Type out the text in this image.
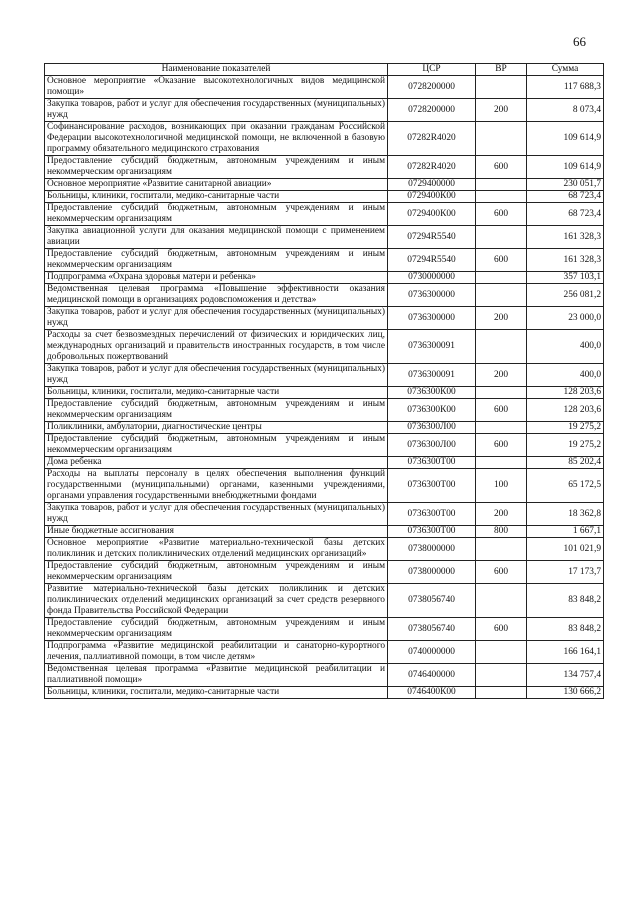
66
Наименование показателей	ЦСР	ВР	Сумма
Основное мероприятие «Оказание высокотехнологичных видов медицинской помощи»	0728200000		117 688,3
Закупка товаров, работ и услуг для обеспечения государственных (муниципальных) нужд	0728200000	200	8 073,4
Софинансирование расходов, возникающих при оказании гражданам Российской Федерации высокотехнологичной медицинской помощи, не включенной в базовую программу обязательного медицинского страхования	07282R4020		109 614,9
Предоставление субсидий бюджетным, автономным учреждениям и иным некоммерческим организациям	07282R4020	600	109 614,9
Основное мероприятие «Развитие санитарной авиации»	0729400000		230 051,7
Больницы, клиники, госпитали, медико-санитарные части	0729400К00		68 723,4
Предоставление субсидий бюджетным, автономным учреждениям и иным некоммерческим организациям	0729400К00	600	68 723,4
Закупка авиационной услуги для оказания медицинской помощи с применением авиации	07294R5540		161 328,3
Предоставление субсидий бюджетным, автономным учреждениям и иным некоммерческим организациям	07294R5540	600	161 328,3
Подпрограмма «Охрана здоровья матери и ребенка»	0730000000		357 103,1
Ведомственная целевая программа «Повышение эффективности оказания медицинской помощи в организациях родовспоможения и детства»	0736300000		256 081,2
Закупка товаров, работ и услуг для обеспечения государственных (муниципальных) нужд	0736300000	200	23 000,0
Расходы за счет безвозмездных перечислений от физических и юридических лиц, международных организаций и правительств иностранных государств, в том числе добровольных пожертвований	0736300091		400,0
Закупка товаров, работ и услуг для обеспечения государственных (муниципальных) нужд	0736300091	200	400,0
Больницы, клиники, госпитали, медико-санитарные части	0736300К00		128 203,6
Предоставление субсидий бюджетным, автономным учреждениям и иным некоммерческим организациям	0736300К00	600	128 203,6
Поликлиники, амбулатории, диагностические центры	0736300Л00		19 275,2
Предоставление субсидий бюджетным, автономным учреждениям и иным некоммерческим организациям	0736300Л00	600	19 275,2
Дома ребенка	0736300Т00		85 202,4
Расходы на выплаты персоналу в целях обеспечения выполнения функций государственными (муниципальными) органами, казенными учреждениями, органами управления государственными внебюджетными фондами	0736300Т00	100	65 172,5
Закупка товаров, работ и услуг для обеспечения государственных (муниципальных) нужд	0736300Т00	200	18 362,8
Иные бюджетные ассигнования	0736300Т00	800	1 667,1
Основное мероприятие «Развитие материально-технической базы детских поликлиник и детских поликлинических отделений медицинских организаций»	0738000000		101 021,9
Предоставление субсидий бюджетным, автономным учреждениям и иным некоммерческим организациям	0738000000	600	17 173,7
Развитие материально-технической базы детских поликлиник и детских поликлинических отделений медицинских организаций за счет средств резервного фонда Правительства Российской Федерации	0738056740		83 848,2
Предоставление субсидий бюджетным, автономным учреждениям и иным некоммерческим организациям	0738056740	600	83 848,2
Подпрограмма «Развитие медицинской реабилитации и санаторно-курортного лечения, паллиативной помощи, в том числе детям»	0740000000		166 164,1
Ведомственная целевая программа «Развитие медицинской реабилитации и паллиативной помощи»	0746400000		134 757,4
Больницы, клиники, госпитали, медико-санитарные части	0746400К00		130 666,2
